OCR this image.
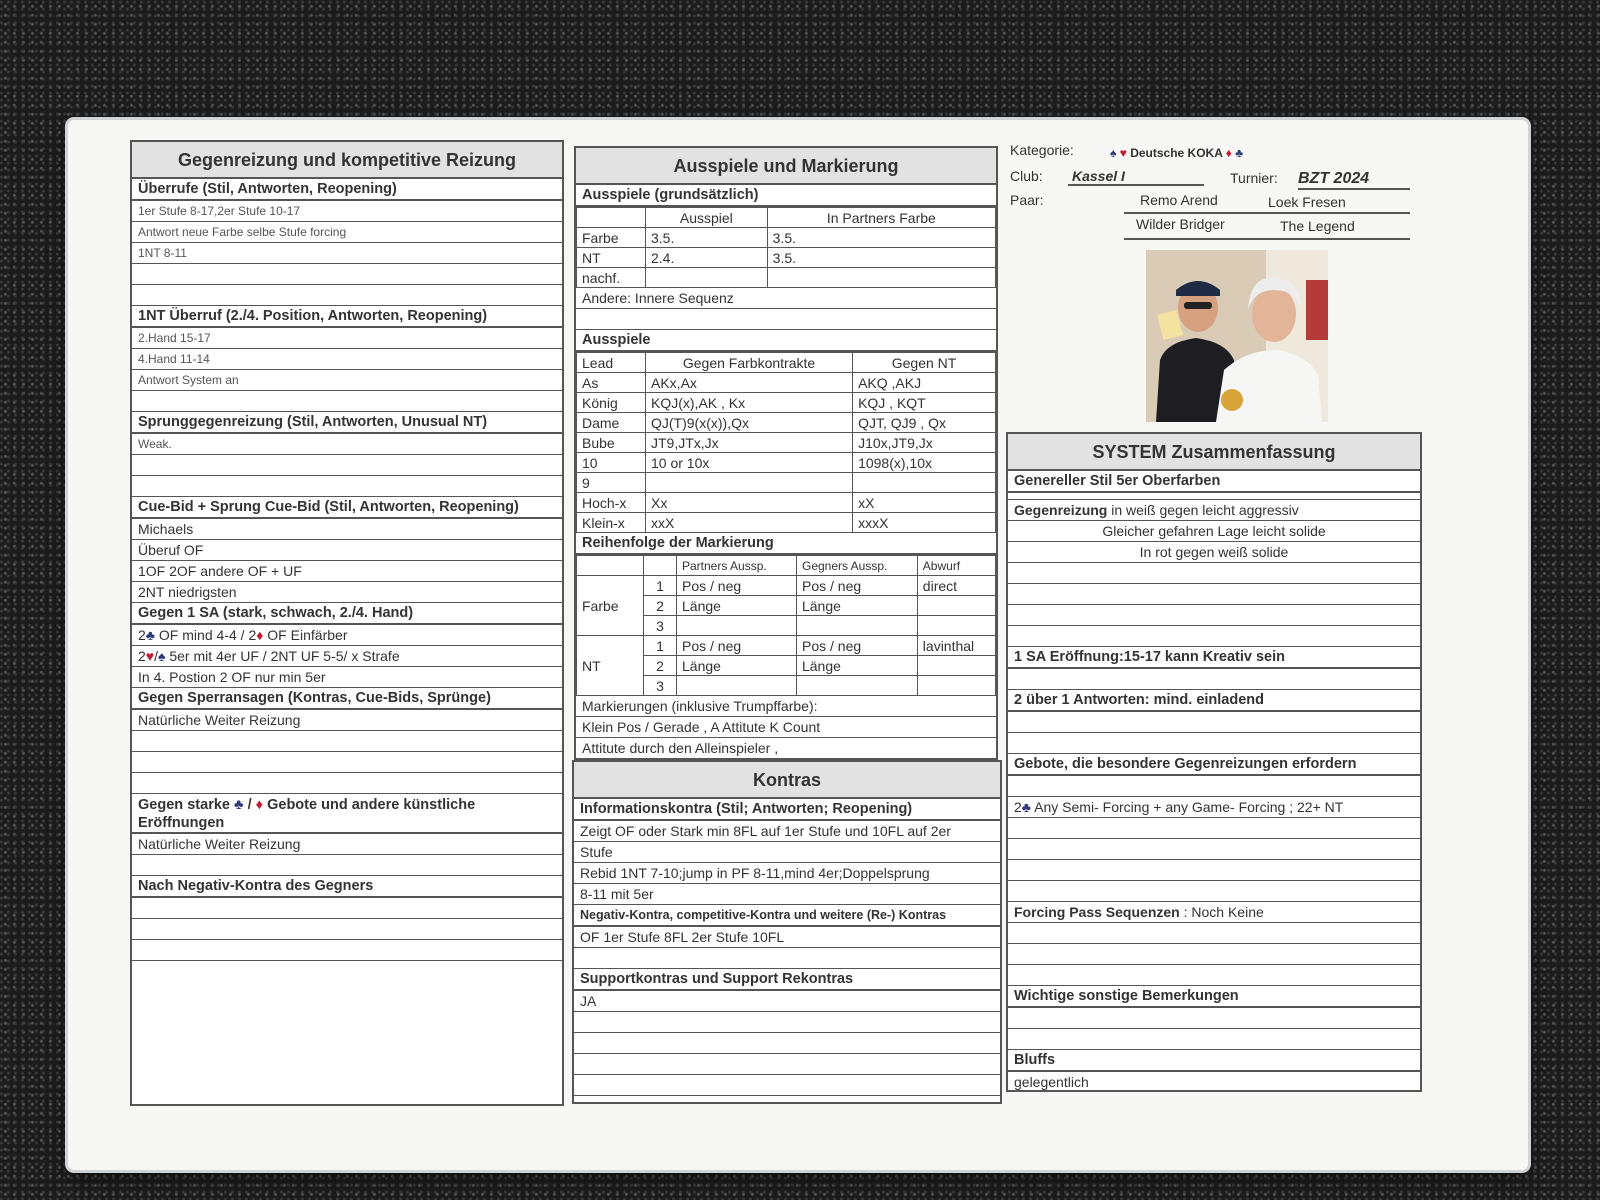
Gegenreizung und kompetitive Reizung
Überrufe (Stil, Antworten, Reopening)
1er Stufe 8-17,2er Stufe 10-17
Antwort neue Farbe selbe Stufe forcing
1NT 8-11
1NT Überruf (2./4. Position, Antworten, Reopening)
2.Hand 15-17
4.Hand 11-14
Antwort System an
Sprunggegenreizung (Stil, Antworten, Unusual NT)
Weak.
Cue-Bid + Sprung Cue-Bid (Stil, Antworten, Reopening)
Michaels
Überuf OF
1OF 2OF andere OF + UF
2NT niedrigsten
Gegen 1 SA (stark, schwach, 2./4. Hand)
2♣ OF mind 4-4 / 2♦ OF Einfärber
2♥/♠ 5er mit 4er UF / 2NT UF 5-5/ x Strafe
In 4. Postion 2 OF nur min 5er
Gegen Sperransagen (Kontras, Cue-Bids, Sprünge)
Natürliche Weiter Reizung
Gegen starke ♣ / ♦ Gebote und andere künstliche Eröffnungen
Natürliche Weiter Reizung
Nach Negativ-Kontra des Gegners
Ausspiele und Markierung
Ausspiele (grundsätzlich)
	Ausspiel	In Partners Farbe
Farbe	3.5.	3.5.
NT	2.4.	3.5.
nachf.		
Andere: Innere Sequenz
Ausspiele
Lead	Gegen Farbkontrakte	Gegen NT
As	AKx,Ax	AKQ ,AKJ
König	KQJ(x),AK , Kx	KQJ , KQT
Dame	QJ(T)9(x(x)),Qx	QJT, QJ9 , Qx
Bube	JT9,JTx,Jx	J10x,JT9,Jx
10	10 or 10x	1098(x),10x
9		
Hoch-x	Xx	xX
Klein-x	xxX	xxxX
Reihenfolge der Markierung
		Partners Aussp.	Gegners Aussp.	Abwurf
Farbe	1	Pos / neg	Pos / neg	direct
	2	Länge	Länge	
	3			
NT	1	Pos / neg	Pos / neg	lavinthal
	2	Länge	Länge	
	3			
Markierungen (inklusive Trumpffarbe):
Klein Pos / Gerade , A Attitute K Count
Attitute durch den Alleinspieler ,
Kontras
Informationskontra (Stil; Antworten; Reopening)
Zeigt OF oder Stark min 8FL auf 1er Stufe und 10FL auf 2er
Stufe
Rebid 1NT 7-10;jump in PF 8-11,mind 4er;Doppelsprung
8-11 mit 5er
Negativ-Kontra, competitive-Kontra und weitere (Re-) Kontras
OF 1er Stufe 8FL 2er Stufe 10FL
Supportkontras und Support Rekontras
JA
Kategorie:	♠ ♥ Deutsche KOKA ♦ ♣
Club: Kassel I	Turnier: BZT 2024
Paar:	Remo Arend	Loek Fresen
Wilder Bridger	The Legend
SYSTEM Zusammenfassung
Genereller Stil 5er Oberfarben
Gegenreizung in weiß gegen leicht aggressiv
Gleicher gefahren Lage leicht solide
In rot gegen weiß solide
1 SA Eröffnung:15-17 kann Kreativ sein
2 über 1 Antworten: mind. einladend
Gebote, die besondere Gegenreizungen erfordern
2♣ Any Semi- Forcing + any Game- Forcing ; 22+ NT
Forcing Pass Sequenzen : Noch Keine
Wichtige sonstige Bemerkungen
Bluffs
gelegentlich
